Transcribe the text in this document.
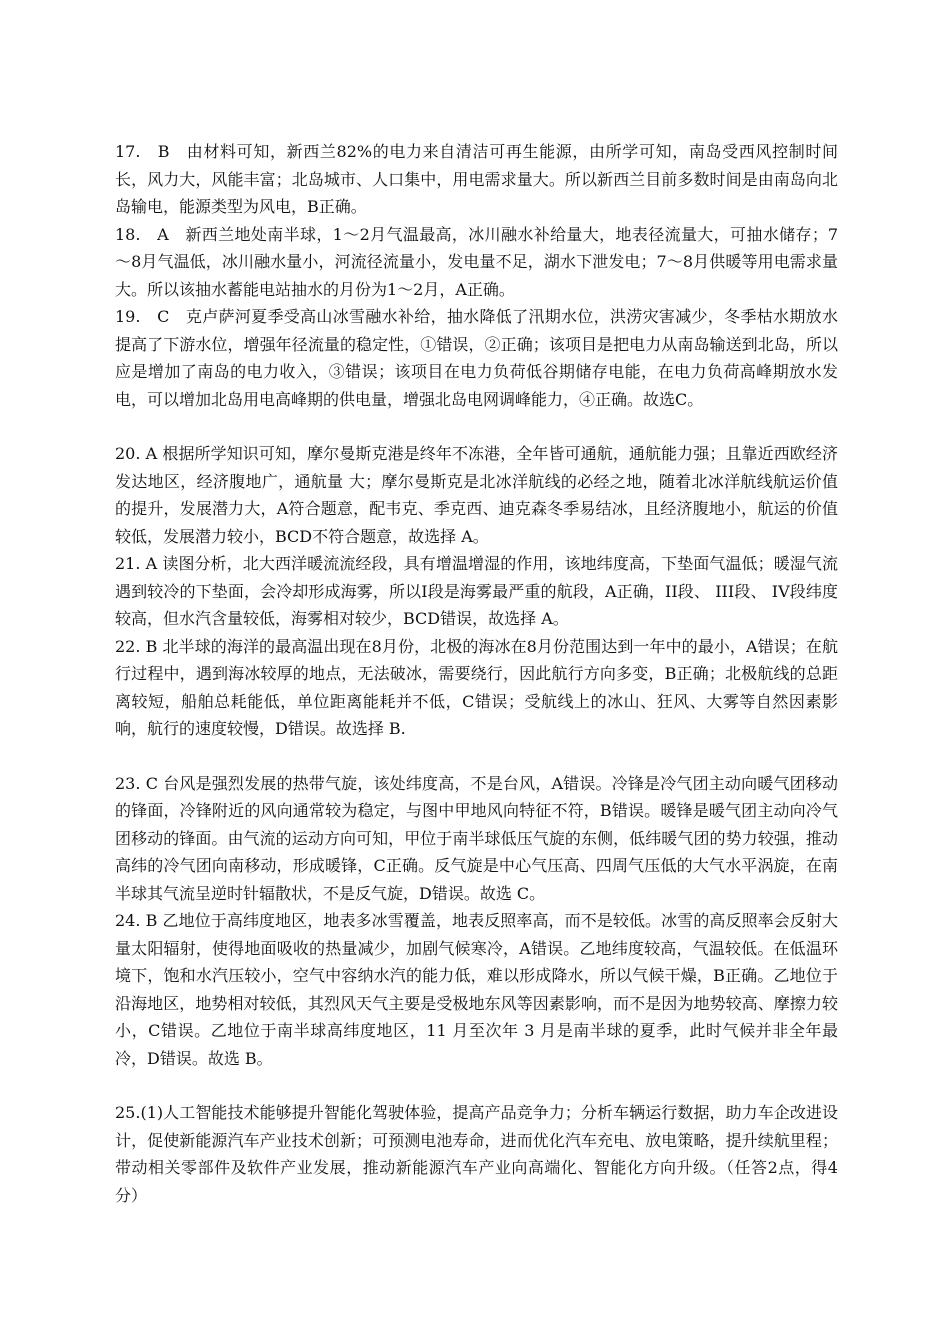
17.　B　由材料可知，新西兰82%的电力来自清洁可再生能源，由所学可知，南岛受西风控制时间长，风力大，风能丰富；北岛城市、人口集中，用电需求量大。所以新西兰目前多数时间是由南岛向北岛输电，能源类型为风电，B正确。

18.　A　新西兰地处南半球，1～2月气温最高，冰川融水补给量大，地表径流量大，可抽水储存；7～8月气温低，冰川融水量小，河流径流量小，发电量不足，湖水下泄发电；7～8月供暖等用电需求量大。所以该抽水蓄能电站抽水的月份为1～2月，A正确。

19.　C　克卢萨河夏季受高山冰雪融水补给，抽水降低了汛期水位，洪涝灾害减少，冬季枯水期放水提高了下游水位，增强年径流量的稳定性，①错误，②正确；该项目是把电力从南岛输送到北岛，所以应是增加了南岛的电力收入，③错误；该项目在电力负荷低谷期储存电能，在电力负荷高峰期放水发电，可以增加北岛用电高峰期的供电量，增强北岛电网调峰能力，④正确。故选C。

20. A 根据所学知识可知，摩尔曼斯克港是终年不冻港，全年皆可通航，通航能力强；且靠近西欧经济发达地区，经济腹地广，通航量 大；摩尔曼斯克是北冰洋航线的必经之地，随着北冰洋航线航运价值的提升，发展潜力大，A符合题意，配韦克、季克西、迪克森冬季易结冰，且经济腹地小，航运的价值较低，发展潜力较小，BCD不符合题意，故选择 A。

21. A 读图分析，北大西洋暖流流经段，具有增温增湿的作用，该地纬度高，下垫面气温低；暖湿气流遇到较冷的下垫面，会冷却形成海雾，所以Ⅰ段是海雾最严重的航段，A正确，II段、 III段、 IV段纬度较高，但水汽含量较低，海雾相对较少，BCD错误，故选择 A。

22. B 北半球的海洋的最高温出现在8月份，北极的海冰在8月份范围达到一年中的最小，A错误；在航行过程中，遇到海冰较厚的地点，无法破冰，需要绕行，因此航行方向多变，B正确；北极航线的总距离较短，船舶总耗能低，单位距离能耗并不低，C错误；受航线上的冰山、狂风、大雾等自然因素影响，航行的速度较慢，D错误。故选择 B.

23. C 台风是强烈发展的热带气旋，该处纬度高，不是台风，A错误。冷锋是冷气团主动向暖气团移动的锋面，冷锋附近的风向通常较为稳定，与图中甲地风向特征不符，B错误。暖锋是暖气团主动向冷气团移动的锋面。由气流的运动方向可知，甲位于南半球低压气旋的东侧，低纬暖气团的势力较强，推动高纬的冷气团向南移动，形成暖锋，C正确。反气旋是中心气压高、四周气压低的大气水平涡旋，在南半球其气流呈逆时针辐散状，不是反气旋，D错误。故选 C。

24. B 乙地位于高纬度地区，地表多冰雪覆盖，地表反照率高，而不是较低。冰雪的高反照率会反射大量太阳辐射，使得地面吸收的热量减少，加剧气候寒冷，A错误。乙地纬度较高，气温较低。在低温环境下，饱和水汽压较小，空气中容纳水汽的能力低，难以形成降水，所以气候干燥，B正确。乙地位于沿海地区，地势相对较低，其烈风天气主要是受极地东风等因素影响，而不是因为地势较高、摩擦力较小，C错误。乙地位于南半球高纬度地区，11 月至次年 3 月是南半球的夏季，此时气候并非全年最冷，D错误。故选 B。

25.(1)人工智能技术能够提升智能化驾驶体验，提高产品竞争力；分析车辆运行数据，助力车企改进设计，促使新能源汽车产业技术创新；可预测电池寿命，进而优化汽车充电、放电策略，提升续航里程；带动相关零部件及软件产业发展，推动新能源汽车产业向高端化、智能化方向升级。（任答2点，得4分）
